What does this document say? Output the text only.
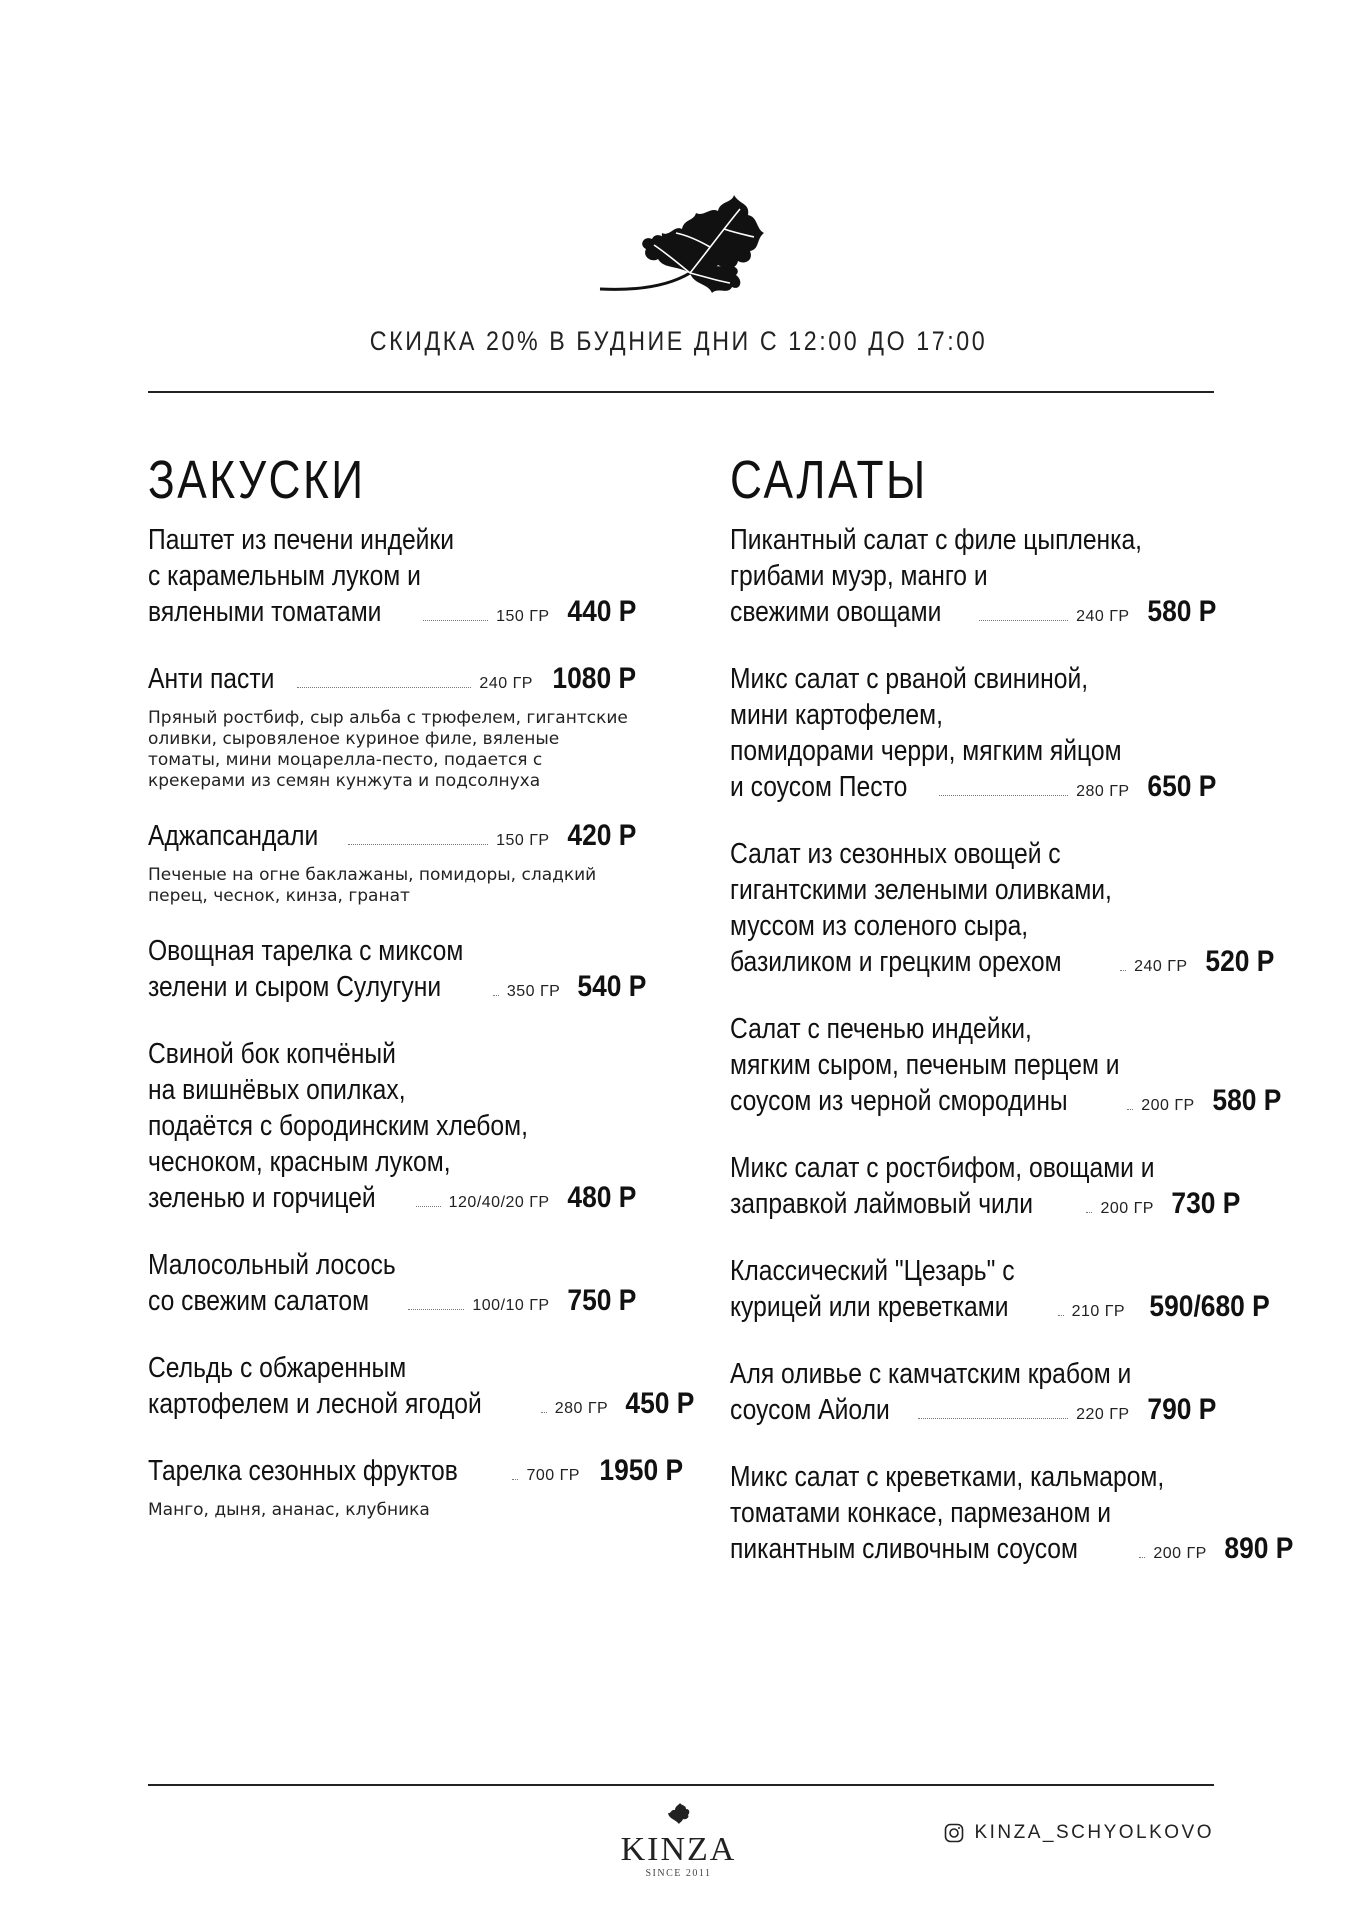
СКИДКА 20% В БУДНИЕ ДНИ С 12:00 ДО 17:00
ЗАКУСКИ
Паштет из печени индейки
с карамельным луком и
вялеными томатами	150 ГР 440 Р
Анти пасти	240 ГР 1080 Р
Пряный ростбиф, сыр альба с трюфелем, гигантские оливки, сыровяленое куриное филе, вяленые томаты, мини моцарелла-песто, подается с крекерами из семян кунжута и подсолнуха
Аджапсандали	150 ГР 420 Р
Печеные на огне баклажаны, помидоры, сладкий перец, чеснок, кинза, гранат
Овощная тарелка с миксом
зелени и сыром Сулугуни	350 ГР 540 Р
Свиной бок копчёный
на вишнёвых опилках,
подаётся с бородинским хлебом,
чесноком, красным луком,
зеленью и горчицей	120/40/20 ГР 480 Р
Малосольный лосось
со свежим салатом	100/10 ГР 750 Р
Сельдь с обжаренным
картофелем и лесной ягодой	280 ГР 450 Р
Тарелка сезонных фруктов	700 ГР 1950 Р
Манго, дыня, ананас, клубника
САЛАТЫ
Пикантный салат с филе цыпленка,
грибами муэр, манго и
свежими овощами	240 ГР 580 Р
Микс салат с рваной свининой,
мини картофелем,
помидорами черри, мягким яйцом
и соусом Песто	280 ГР 650 Р
Салат из сезонных овощей с
гигантскими зелеными оливками,
муссом из соленого сыра,
базиликом и грецким орехом	240 ГР 520 Р
Салат с печенью индейки,
мягким сыром, печеным перцем и
соусом из черной смородины	200 ГР 580 Р
Микс салат с ростбифом, овощами и
заправкой лаймовый чили	200 ГР 730 Р
Классический "Цезарь" с
курицей или креветками	210 ГР 590/680 Р
Аля оливье с камчатским крабом и
соусом Айоли	220 ГР 790 Р
Микс салат с креветками, кальмаром,
томатами конкасе, пармезаном и
пикантным сливочным соусом	200 ГР 890 Р
KINZA
SINCE 2011
KINZA_SCHYOLKOVO
